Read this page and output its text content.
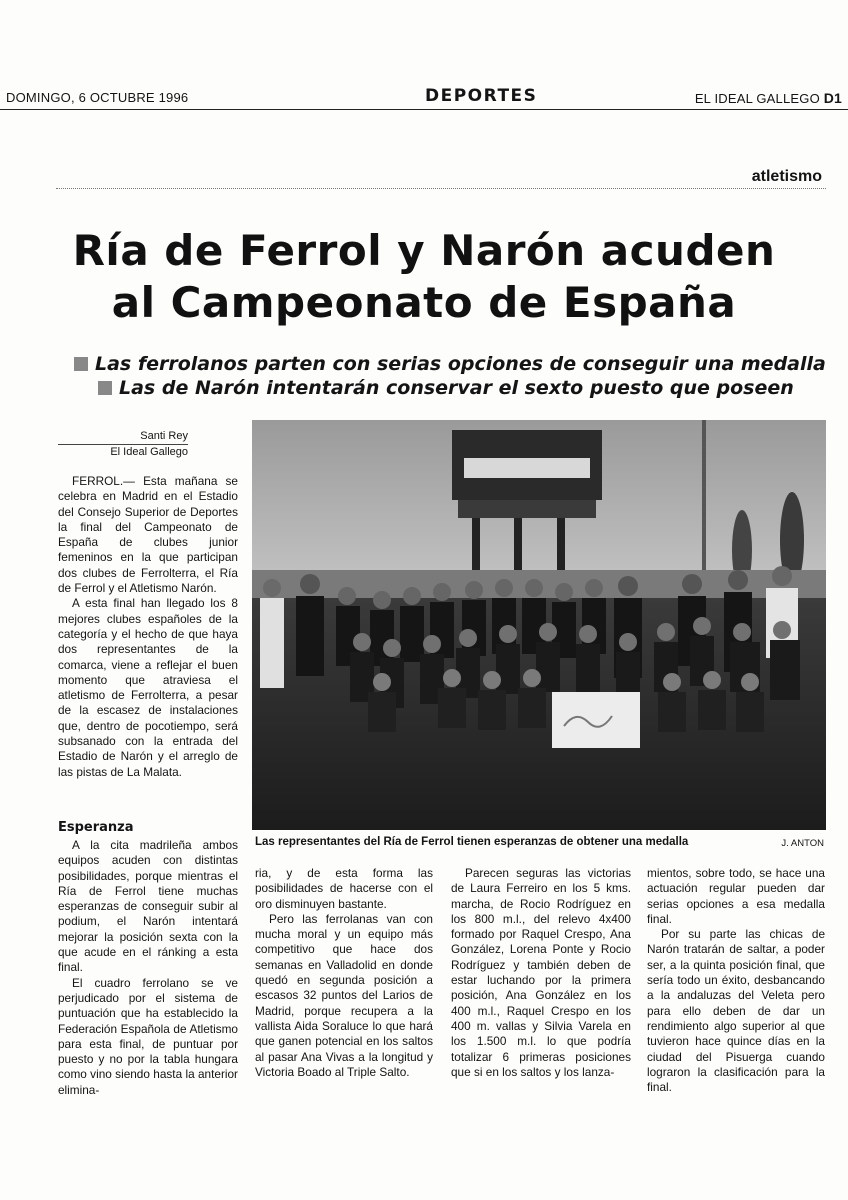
DOMINGO, 6 OCTUBRE 1996	DEPORTES	EL IDEAL GALLEGO D1
atletismo
Ría de Ferrol y Narón acuden
al Campeonato de España
Las ferrolanos parten con serias opciones de conseguir una medalla
Las de Narón intentarán conservar el sexto puesto que poseen
Santi Rey
El Ideal Gallego

FERROL.— Esta mañana se celebra en Madrid en el Estadio del Consejo Superior de Deportes la final del Campeonato de España de clubes junior femeninos en la que participan dos clubes de Ferrolterra, el Ría de Ferrol y el Atletismo Narón.

A esta final han llegado los 8 mejores clubes españoles de la categoría y el hecho de que haya dos representantes de la comarca, viene a reflejar el buen momento que atraviesa el atletismo de Ferrolterra, a pesar de la escasez de instalaciones que, dentro de pocotiempo, será subsanado con la entrada del Estadio de Narón y el arreglo de las pistas de La Malata.

Esperanza

A la cita madrileña ambos equipos acuden con distintas posibilidades, porque mientras el Ría de Ferrol tiene muchas esperanzas de conseguir subir al podium, el Narón intentará mejorar la posición sexta con la que acude en el ránking a esta final.

El cuadro ferrolano se ve perjudicado por el sistema de puntuación que ha establecido la Federación Española de Atletismo para esta final, de puntuar por puesto y no por la tabla hungara como vino siendo hasta la anterior elimina-

Las representantes del Ría de Ferrol tienen esperanzas de obtener una medalla	J. ANTON

ria, y de esta forma las posibilidades de hacerse con el oro disminuyen bastante.

Pero las ferrolanas van con mucha moral y un equipo más competitivo que hace dos semanas en Valladolid en donde quedó en segunda posición a escasos 32 puntos del Larios de Madrid, porque recupera a la vallista Aida Soraluce lo que hará que ganen potencial en los saltos al pasar Ana Vivas a la longitud y Victoria Boado al Triple Salto.

Parecen seguras las victorias de Laura Ferreiro en los 5 kms. marcha, de Rocio Rodríguez en los 800 m.l., del relevo 4x400 formado por Raquel Crespo, Ana González, Lorena Ponte y Rocio Rodríguez y también deben de estar luchando por la primera posición, Ana González en los 400 m.l., Raquel Crespo en los 400 m. vallas y Silvia Varela en los 1.500 m.l. lo que podría totalizar 6 primeras posiciones que si en los saltos y los lanza-

mientos, sobre todo, se hace una actuación regular pueden dar serias opciones a esa medalla final.

Por su parte las chicas de Narón tratarán de saltar, a poder ser, a la quinta posición final, que sería todo un éxito, desbancando a la andaluzas del Veleta pero para ello deben de dar un rendimiento algo superior al que tuvieron hace quince días en la ciudad del Pisuerga cuando lograron la clasificación para la final.
